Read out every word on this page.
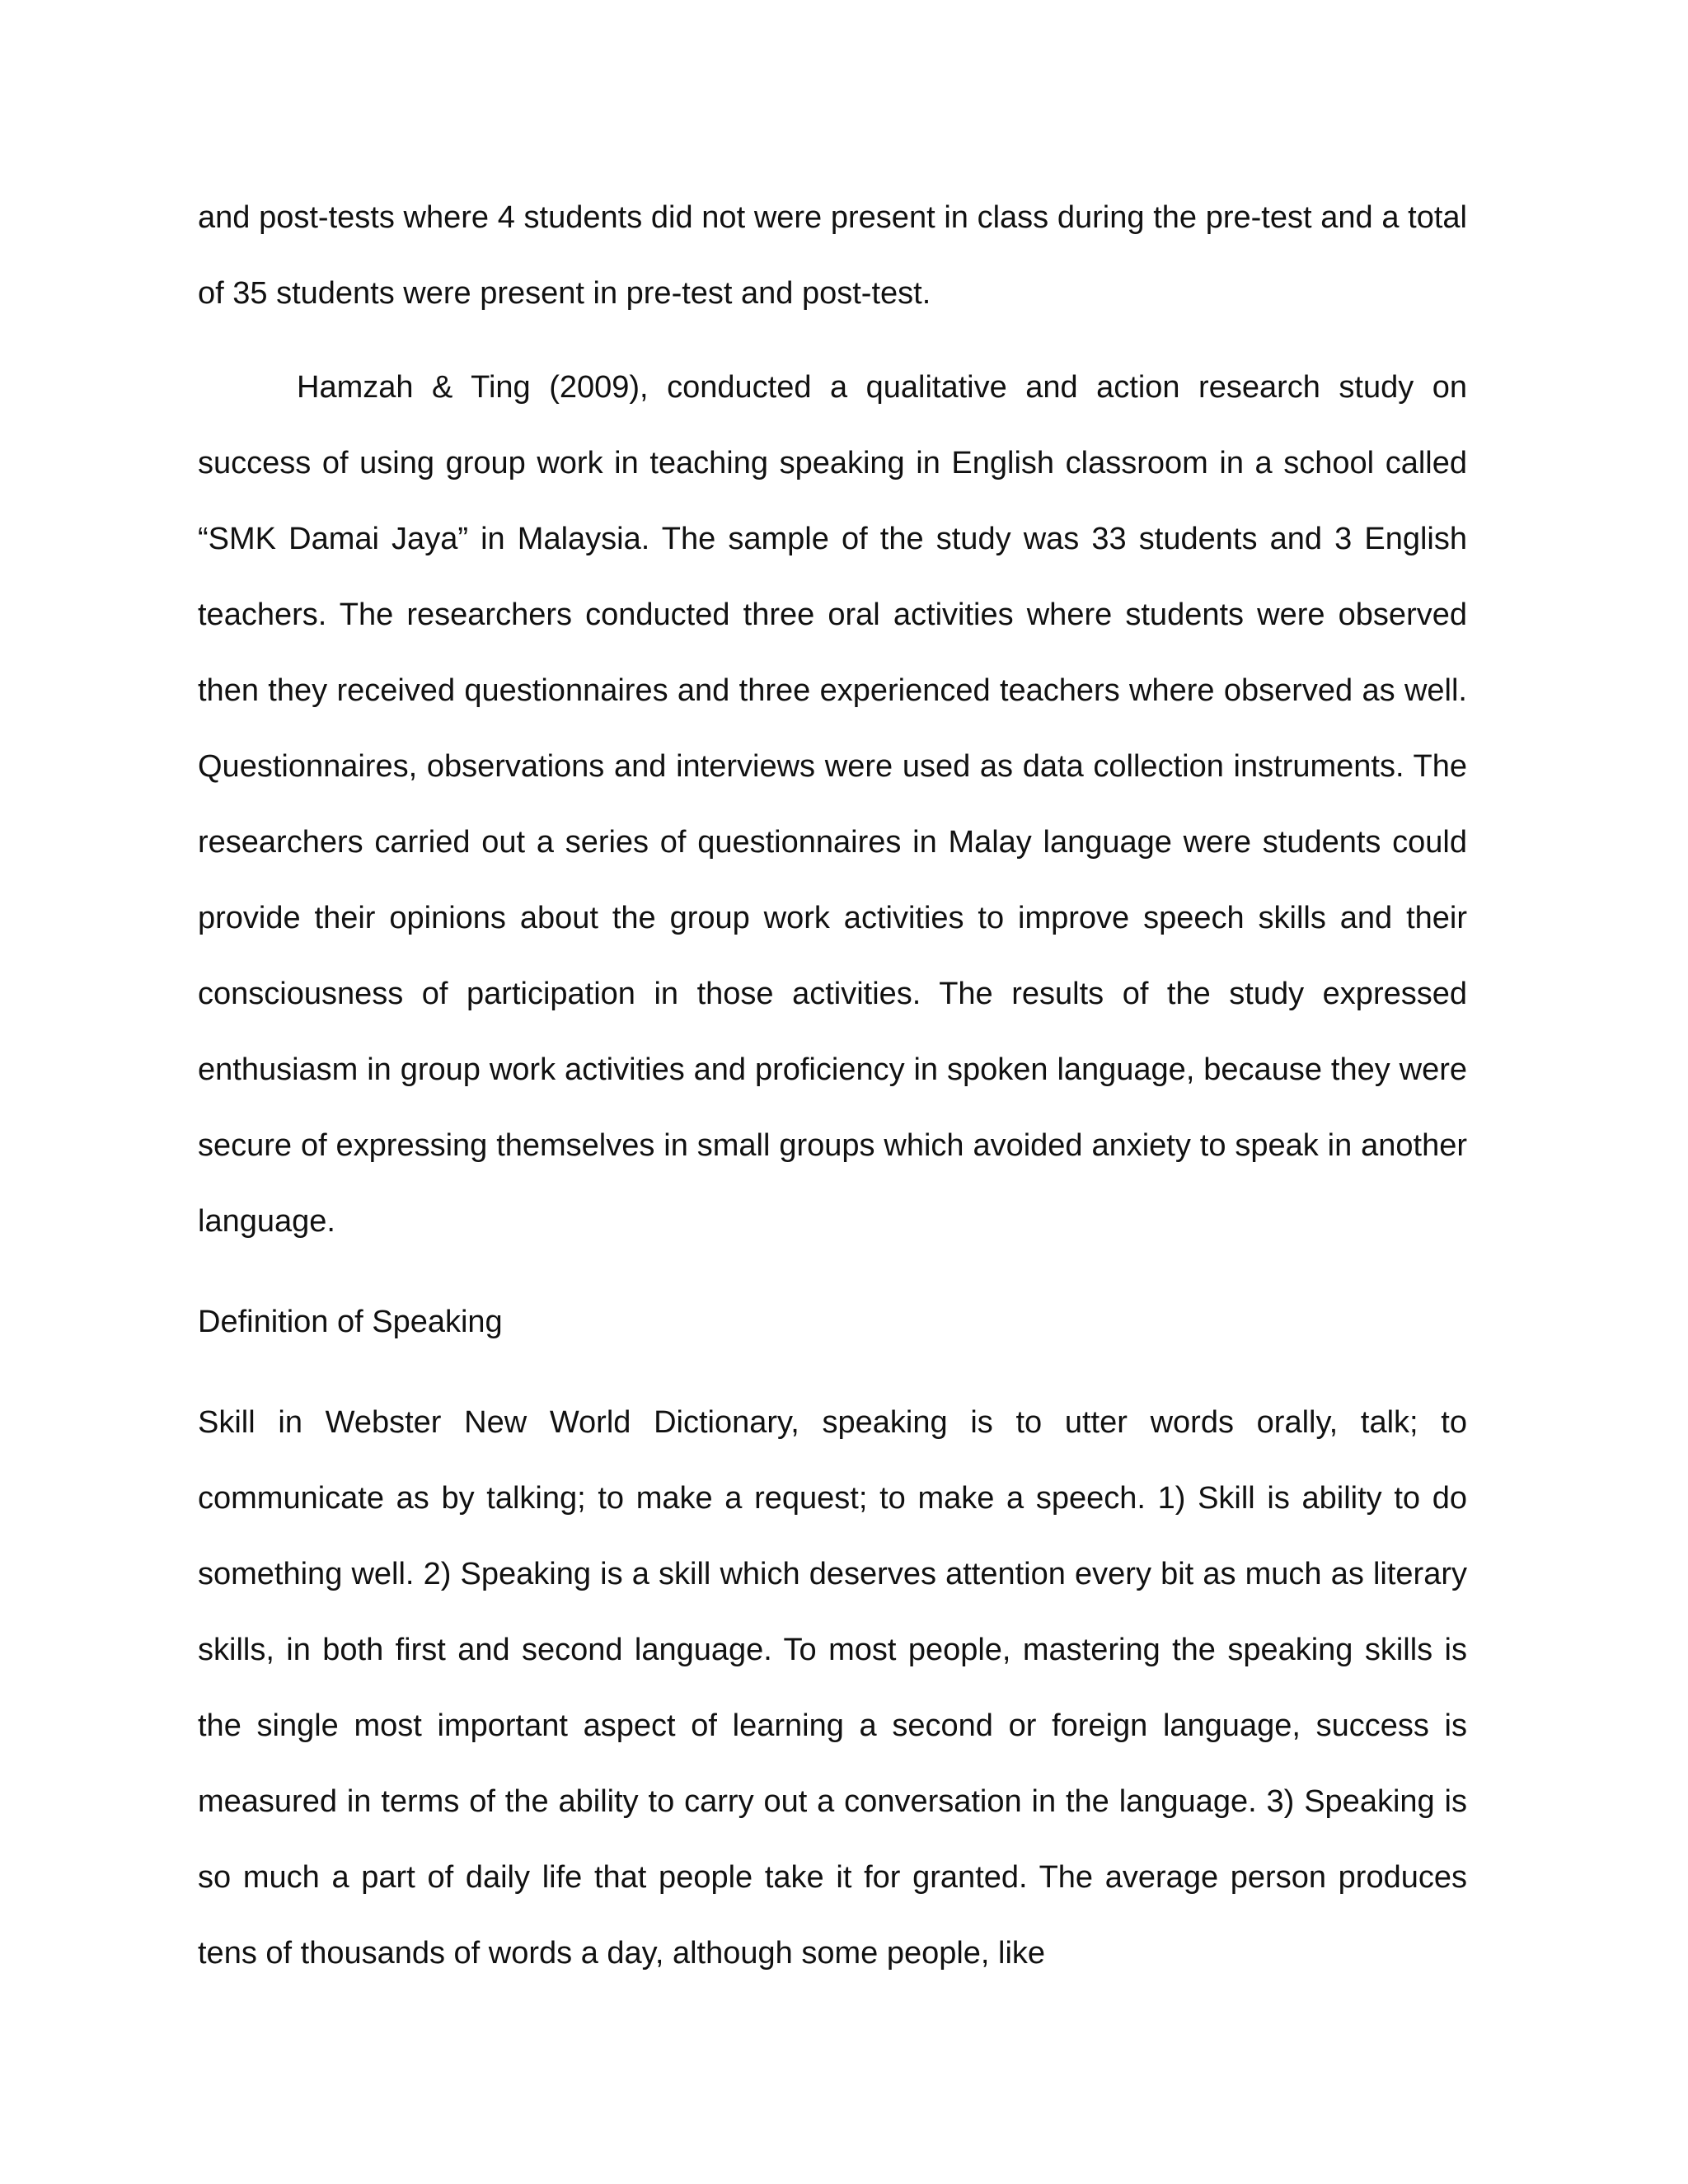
and post-tests where 4 students did not were present in class during the pre-test and a total of 35 students were present in pre-test and post-test.

Hamzah & Ting (2009), conducted a qualitative and action research study on success of using group work in teaching speaking in English classroom in a school called “SMK Damai Jaya” in Malaysia. The sample of the study was 33 students and 3 English teachers. The researchers conducted three oral activities where students were observed then they received questionnaires and three experienced teachers where observed as well. Questionnaires, observations and interviews were used as data collection instruments. The researchers carried out a series of questionnaires in Malay language were students could provide their opinions about the group work activities to improve speech skills and their consciousness of participation in those activities. The results of the study expressed enthusiasm in group work activities and proficiency in spoken language, because they were secure of expressing themselves in small groups which avoided anxiety to speak in another language.

Definition of Speaking

Skill in Webster New World Dictionary, speaking is to utter words orally, talk; to communicate as by talking; to make a request; to make a speech. 1) Skill is ability to do something well. 2) Speaking is a skill which deserves attention every bit as much as literary skills, in both first and second language. To most people, mastering the speaking skills is the single most important aspect of learning a second or foreign language, success is measured in terms of the ability to carry out a conversation in the language. 3) Speaking is so much a part of daily life that people take it for granted. The average person produces tens of thousands of words a day, although some people, like
